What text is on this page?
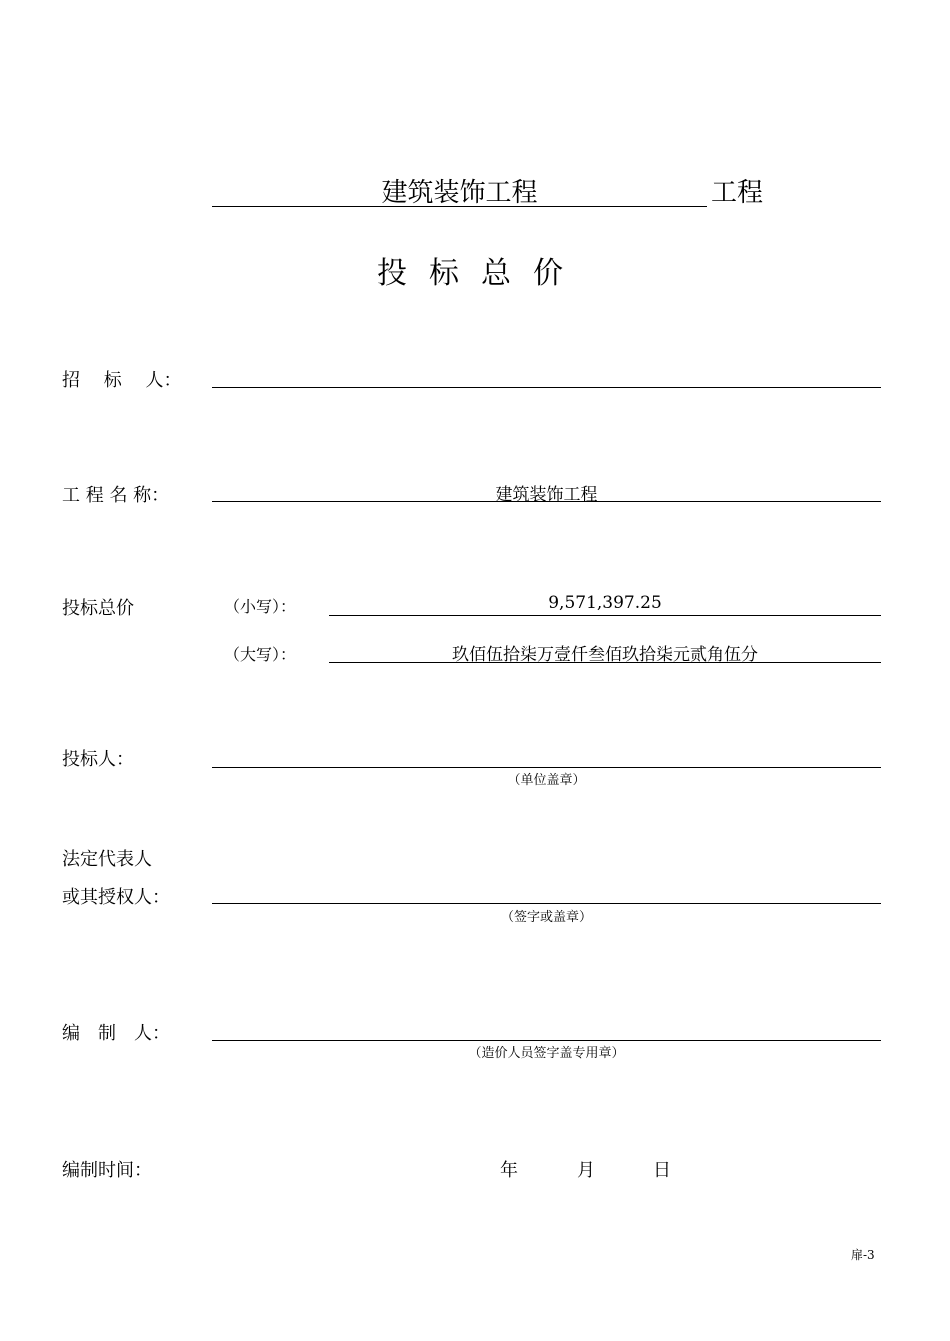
建筑装饰工程	工程
投标总价
招　 标　 人：
工 程 名 称：	建筑装饰工程
投标总价	（小写）：	9,571,397.25
（大写）：	玖佰伍拾柒万壹仟叁佰玖拾柒元贰角伍分
投标人：
（单位盖章）
法定代表人
或其授权人：
（签字或盖章）
编　制　人：
（造价人员签字盖专用章）
编制时间：	年	月	日
扉-3
